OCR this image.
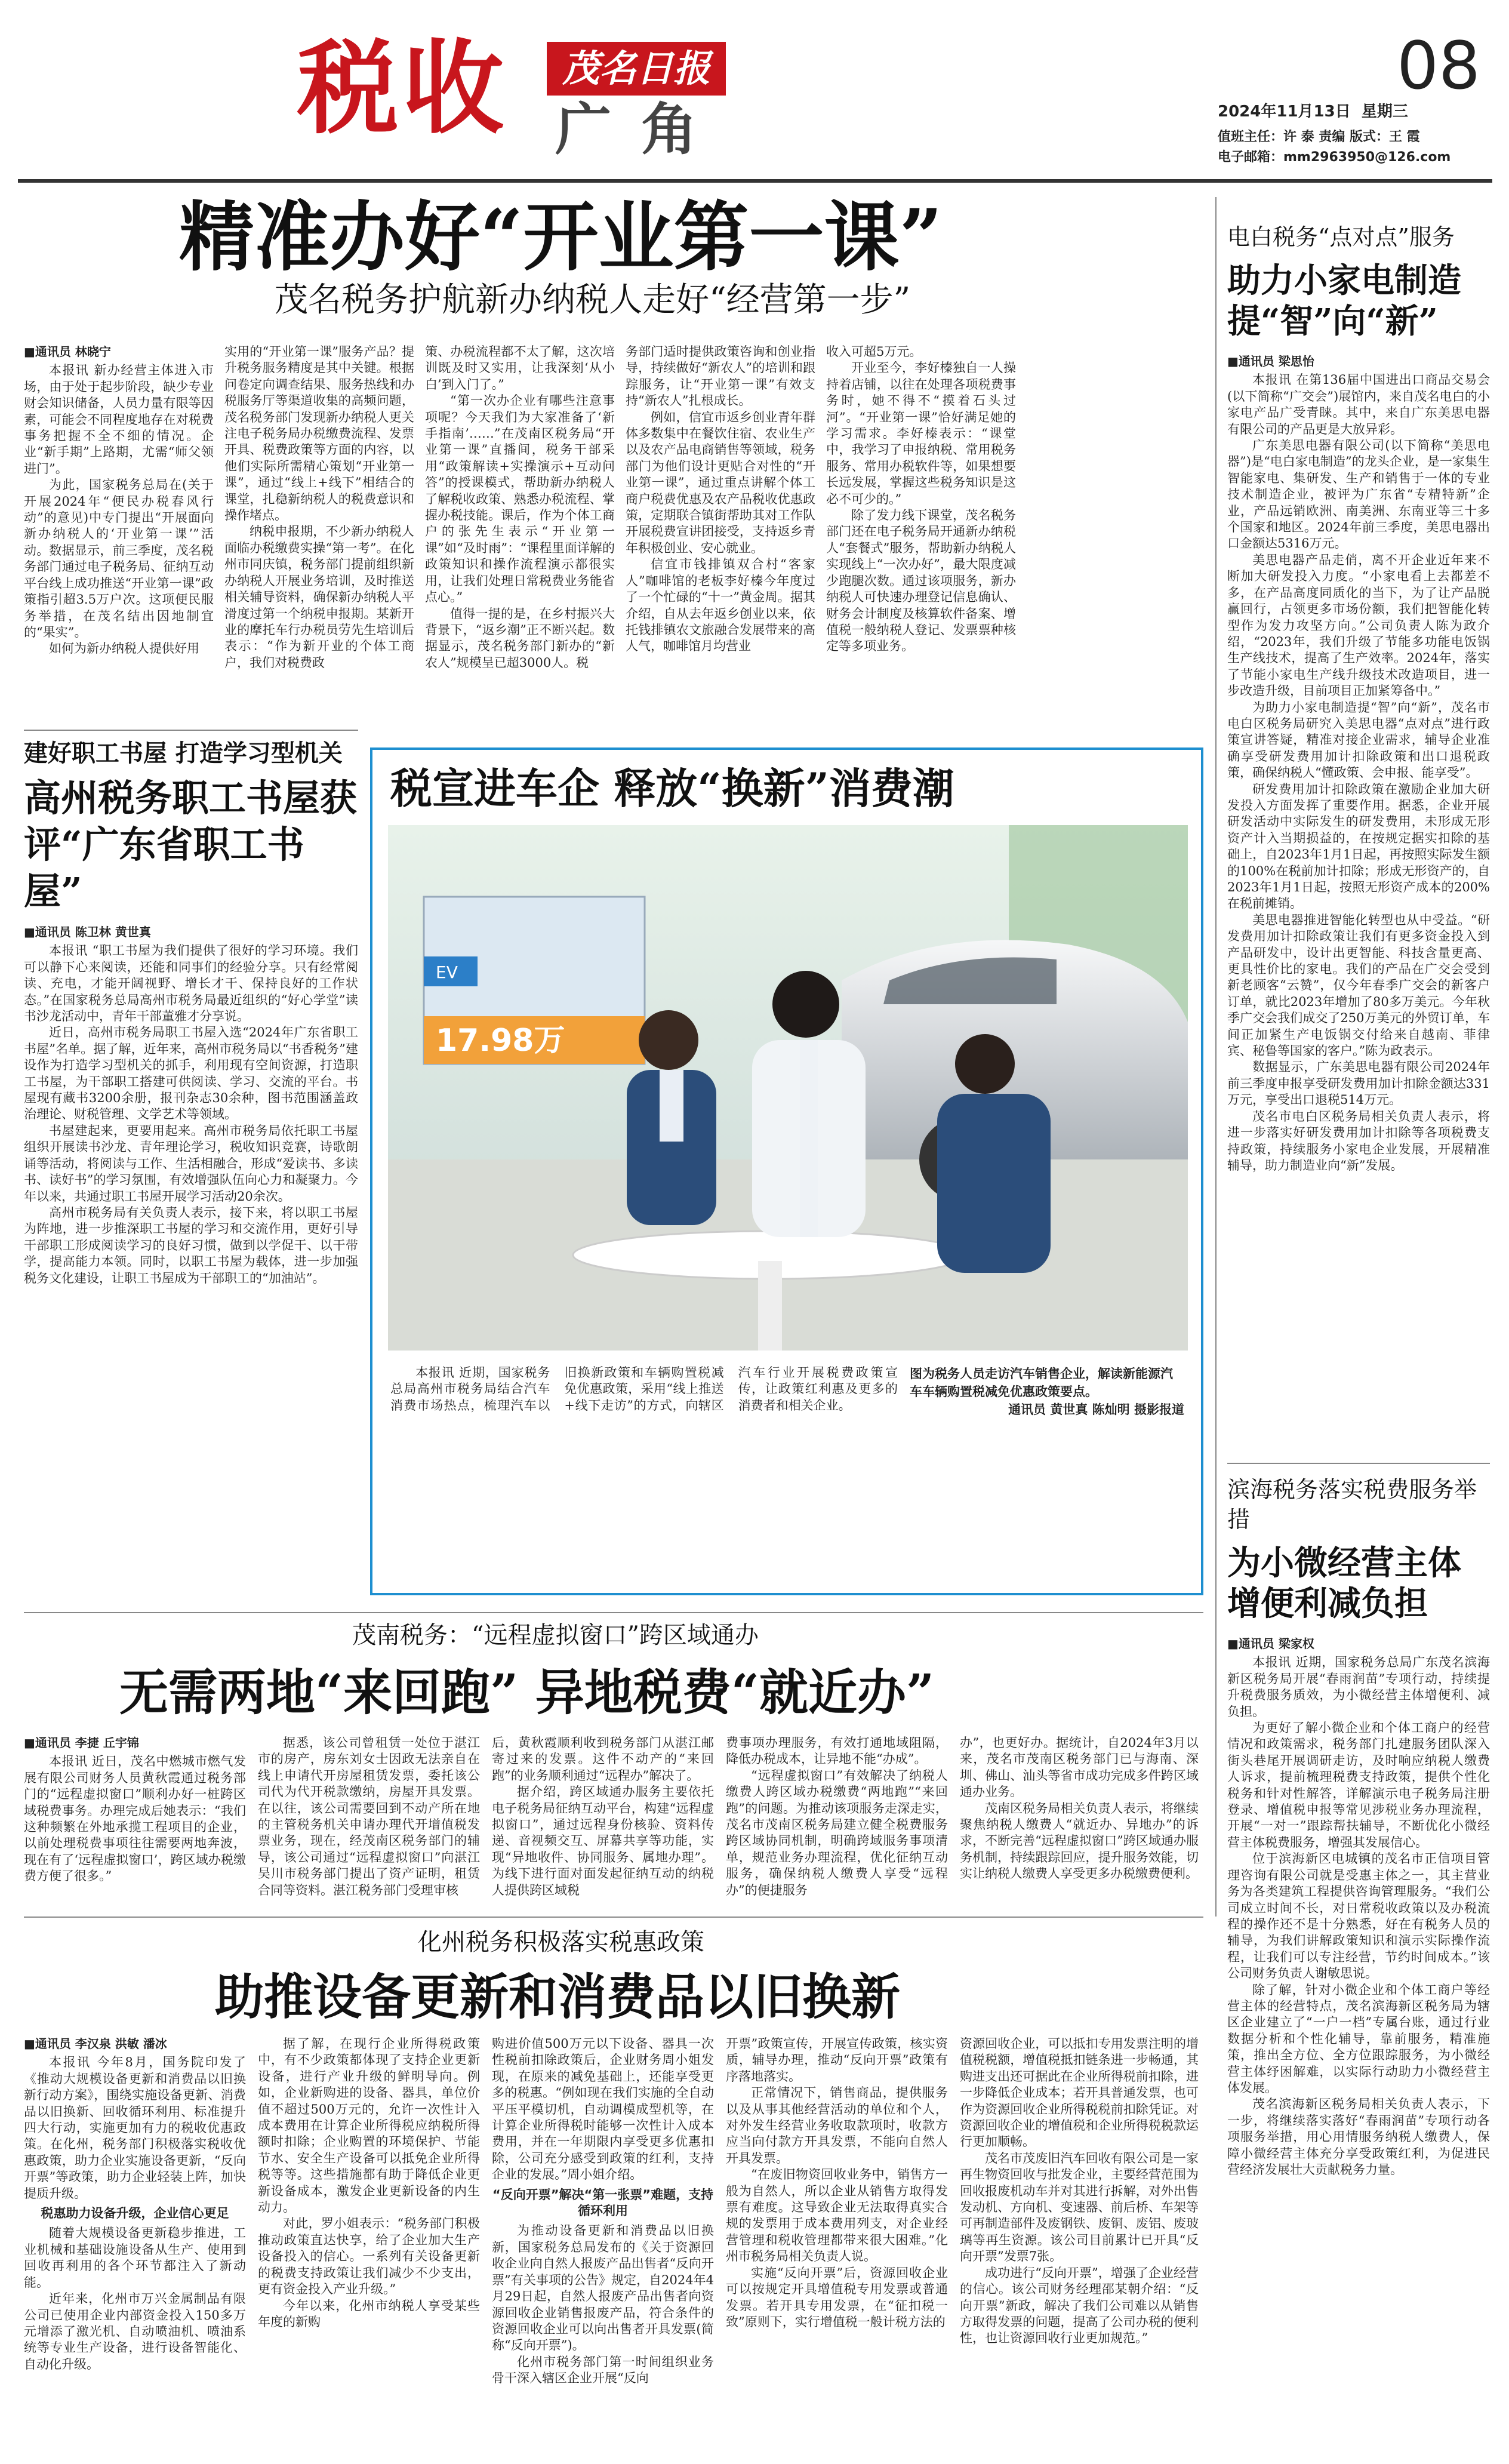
税收	茂名日报
广角
08
2024年11月13日 星期三
值班主任：许 泰 责编 版式：王 霞
电子邮箱：mm2963950@126.com
精准办好“开业第一课”
茂名税务护航新办纳税人走好“经营第一步”
■通讯员 林晓宁

本报讯 新办经营主体进入市场，由于处于起步阶段，缺少专业财会知识储备，人员力量有限等因素，可能会不同程度地存在对税费事务把握不全不细的情况。企业“新手期”上路期，尤需“师父领进门”。

为此，国家税务总局在(关于开展2024年“便民办税春风行动”的意见)中专门提出“开展面向新办纳税人的‘开业第一课’”活动。数据显示，前三季度，茂名税务部门通过电子税务局、征纳互动平台线上成功推送“开业第一课”政策指引超3.5万户次。这项便民服务举措，在茂名结出因地制宜的“果实”。

如何为新办纳税人提供好用

实用的“开业第一课”服务产品？提升税务服务精度是其中关键。根据问卷定向调查结果、服务热线和办税服务厅等渠道收集的高频问题，茂名税务部门发现新办纳税人更关注电子税务局办税缴费流程、发票开具、税费政策等方面的内容，以他们实际所需精心策划“开业第一课”，通过“线上+线下”相结合的课堂，扎稳新纳税人的税费意识和操作堵点。

纳税申报期，不少新办纳税人面临办税缴费实操“第一考”。在化州市同庆镇，税务部门提前组织新办纳税人开展业务培训，及时推送相关辅导资料，确保新办纳税人平滑度过第一个纳税申报期。某新开业的摩托车行办税员劳先生培训后表示：“作为新开业的个体工商户，我们对税费政

策、办税流程都不太了解，这次培训既及时又实用，让我深刻‘从小白’到入门了。”

“第一次办企业有哪些注意事项呢？今天我们为大家准备了‘新手指南’……”在茂南区税务局“开业第一课”直播间，税务干部采用“政策解读+实操演示+互动问答”的授课模式，帮助新办纳税人了解税收政策、熟悉办税流程、掌握办税技能。课后，作为个体工商户的张先生表示“开业第一课”如“及时雨”：“课程里面详解的政策知识和操作流程演示都很实用，让我们处理日常税费业务能省点心。”

值得一提的是，在乡村振兴大背景下，“返乡潮”正不断兴起。数据显示，茂名税务部门新办的“新农人”规模呈已超3000人。税

务部门适时提供政策咨询和创业指导，持续做好“新农人”的培训和跟踪服务，让“开业第一课”有效支持“新农人”扎根成长。

例如，信宜市返乡创业青年群体多数集中在餐饮住宿、农业生产以及农产品电商销售等领域，税务部门为他们设计更贴合对性的“开业第一课”，通过重点讲解个体工商户税费优惠及农产品税收优惠政策，定期联合镇街帮助其对工作队开展税费宣讲团接受，支持返乡青年积极创业、安心就业。

信宜市钱排镇双合村“客家人”咖啡馆的老板李好榛今年度过了一个忙碌的“十一”黄金周。据其介绍，自从去年返乡创业以来，依托钱排镇农文旅融合发展带来的高人气，咖啡馆月均营业

收入可超5万元。

开业至今，李好榛独自一人操持着店铺，以往在处理各项税费事务时，她不得不“摸着石头过河”。“开业第一课”恰好满足她的学习需求。李好榛表示：“课堂中，我学习了申报纳税、常用税务服务、常用办税软件等，如果想要长远发展，掌握这些税务知识是这必不可少的。”

除了发力线下课堂，茂名税务部门还在电子税务局开通新办纳税人“套餐式”服务，帮助新办纳税人实现线上“一次办好”，最大限度减少跑腿次数。通过该项服务，新办纳税人可快速办理登记信息确认、财务会计制度及核算软件备案、增值税一般纳税人登记、发票票种核定等多项业务。

电白税务“点对点”服务
助力小家电制造提“智”向“新”
■通讯员 梁思怡

本报讯 在第136届中国进出口商品交易会(以下简称“广交会”)展馆内，来自茂名电白的小家电产品广受青睐。其中，来自广东美思电器有限公司的产品更是大放异彩。

广东美思电器有限公司(以下简称“美思电器”)是“电白家电制造”的龙头企业，是一家集生智能家电、集研发、生产和销售于一体的专业技术制造企业，被评为广东省“专精特新”企业，产品远销欧洲、南美洲、东南亚等三十多个国家和地区。2024年前三季度，美思电器出口金额达5316万元。

美思电器产品走俏，离不开企业近年来不断加大研发投入力度。“小家电看上去都差不多，在产品高度同质化的当下，为了让产品脱赢回行，占领更多市场份额，我们把智能化转型作为发力攻坚方向。”公司负责人陈为政介绍，“2023年，我们升级了节能多功能电饭锅生产线技术，提高了生产效率。2024年，落实了节能小家电生产线升级技术改造项目，进一步改造升级，目前项目正加紧筹备中。”

为助力小家电制造提“智”向“新”，茂名市电白区税务局研究入美思电器“点对点”进行政策宣讲答疑，精准对接企业需求，辅导企业准确享受研发费用加计扣除政策和出口退税政策，确保纳税人“懂政策、会申报、能享受”。

研发费用加计扣除政策在激励企业加大研发投入方面发挥了重要作用。据悉，企业开展研发活动中实际发生的研发费用，未形成无形资产计入当期损益的，在按规定据实扣除的基础上，自2023年1月1日起，再按照实际发生额的100%在税前加计扣除；形成无形资产的，自2023年1月1日起，按照无形资产成本的200%在税前摊销。

美思电器推进智能化转型也从中受益。“研发费用加计扣除政策让我们有更多资金投入到产品研发中，设计出更智能、科技含量更高、更具性价比的家电。我们的产品在广交会受到新老顾客“云赞”，仅今年春季广交会的新客户订单，就比2023年增加了80多万美元。今年秋季广交会我们成交了250万美元的外贸订单，车间正加紧生产电饭锅交付给来自越南、菲律宾、秘鲁等国家的客户。”陈为政表示。

数据显示，广东美思电器有限公司2024年前三季度申报享受研发费用加计扣除金额达331万元，享受出口退税514万元。

茂名市电白区税务局相关负责人表示，将进一步落实好研发费用加计扣除等各项税费支持政策，持续服务小家电企业发展，开展精准辅导，助力制造业向“新”发展。

滨海税务落实税费服务举措
为小微经营主体增便利减负担
■通讯员 梁家权

本报讯 近期，国家税务总局广东茂名滨海新区税务局开展“春雨润苗”专项行动，持续提升税费服务质效，为小微经营主体增便利、减负担。

为更好了解小微企业和个体工商户的经营情况和政策需求，税务部门扎建服务团队深入街头巷尾开展调研走访，及时响应纳税人缴费人诉求，提前梳理税费支持政策，提供个性化税务和针对性解答，详解演示电子税务局注册登录、增值税申报等常见涉税业务办理流程，开展“一对一”跟踪帮扶辅导，不断优化小微经营主体税费服务，增强其发展信心。

位于滨海新区电城镇的茂名市正信项目管理咨询有限公司就是受惠主体之一，其主营业务为各类建筑工程提供咨询管理服务。“我们公司成立时间不长，对日常税收政策以及办税流程的操作还不是十分熟悉，好在有税务人员的辅导，为我们讲解政策知识和演示实际操作流程，让我们可以专注经营，节约时间成本。”该公司财务负责人谢敏思说。

除了解，针对小微企业和个体工商户等经营主体的经营特点，茂名滨海新区税务局为辖区企业建立了“一户一档”专属台账，通过行业数据分析和个性化辅导，靠前服务，精准施策，推出全方位、全方位跟踪服务，为小微经营主体纾困解难，以实际行动助力小微经营主体发展。

茂名滨海新区税务局相关负责人表示，下一步，将继续落实落好“春雨润苗”专项行动各项服务举措，用心用情服务纳税人缴费人，保障小微经营主体充分享受政策红利，为促进民营经济发展壮大贡献税务力量。

建好职工书屋 打造学习型机关
高州税务职工书屋获评“广东省职工书屋”
■通讯员 陈卫林 黄世真

本报讯 “职工书屋为我们提供了很好的学习环境。我们可以静下心来阅读，还能和同事们的经验分享。只有经常阅读、充电，才能开阔视野、增长才干、保持良好的工作状态。”在国家税务总局高州市税务局最近组织的“好心学堂”读书沙龙活动中，青年干部董雅才分享说。

近日，高州市税务局职工书屋入选“2024年广东省职工书屋”名单。据了解，近年来，高州市税务局以“书香税务”建设作为打造学习型机关的抓手，利用现有空间资源，打造职工书屋，为干部职工搭建可供阅读、学习、交流的平台。书屋现有藏书3200余册，报刊杂志30余种，图书范围涵盖政治理论、财税管理、文学艺术等领域。

书屋建起来，更要用起来。高州市税务局依托职工书屋组织开展读书沙龙、青年理论学习，税收知识竞赛，诗歌朗诵等活动，将阅读与工作、生活相融合，形成“爱读书、多读书、读好书”的学习氛围，有效增强队伍向心力和凝聚力。今年以来，共通过职工书屋开展学习活动20余次。

高州市税务局有关负责人表示，接下来，将以职工书屋为阵地，进一步推深职工书屋的学习和交流作用，更好引导干部职工形成阅读学习的良好习惯，做到以学促干、以干带学，提高能力本领。同时，以职工书屋为载体，进一步加强税务文化建设，让职工书屋成为干部职工的“加油站”。

税宣进车企 释放“换新”消费潮
17.98万
EV

本报讯 近期，国家税务总局高州市税务局结合汽车消费市场热点，梳理汽车以旧换新政策和车辆购置税减免优惠政策，采用“线上推送+线下走访”的方式，向辖区汽车行业开展税费政策宣传，让政策红利惠及更多的消费者和相关企业。

图为税务人员走访汽车销售企业，解读新能源汽车车辆购置税减免优惠政策要点。
通讯员 黄世真 陈灿明 摄影报道
茂南税务：“远程虚拟窗口”跨区域通办
无需两地“来回跑” 异地税费“就近办”
■通讯员 李捷 丘宇锦

本报讯 近日，茂名中燃城市燃气发展有限公司财务人员黄秋霞通过税务部门的“远程虚拟窗口”顺利办好一桩跨区域税费事务。办理完成后她表示：“我们这种频繁在外地承揽工程项目的企业，以前处理税费事项往往需要两地奔波，现在有了‘远程虚拟窗口’，跨区域办税缴费方便了很多。”

据悉，该公司曾租赁一处位于湛江市的房产，房东刘女士因政无法亲自在线上申请代开房屋租赁发票，委托该公司代为代开税款缴纳，房屋开具发票。在以往，该公司需要回到不动产所在地的主管税务机关申请办理代开增值税发票业务，现在，经茂南区税务部门的辅导，该公司通过“远程虚拟窗口”向湛江吴川市税务部门提出了资产证明，租赁合同等资料。湛江税务部门受理审核

后，黄秋霞顺利收到税务部门从湛江邮寄过来的发票。这件不动产的“来回跑”的业务顺利通过“远程办”解决了。

据介绍，跨区域通办服务主要依托电子税务局征纳互动平台，构建“远程虚拟窗口”，通过远程身份核验、资料传递、音视频交互、屏幕共享等功能，实现“异地收件、协同服务、属地办理”。为线下进行面对面发起征纳互动的纳税人提供跨区域税

费事项办理服务，有效打通地域阻隔，降低办税成本，让异地不能“办成”。

“远程虚拟窗口”有效解决了纳税人缴费人跨区域办税缴费“两地跑”“来回跑”的问题。为推动该项服务走深走实，茂名市茂南区税务局建立健全税费服务跨区域协同机制，明确跨域服务事项清单，规范业务办理流程，优化征纳互动服务，确保纳税人缴费人享受“远程办”的便捷服务

办”，也更好办。据统计，自2024年3月以来，茂名市茂南区税务部门已与海南、深圳、佛山、汕头等省市成功完成多件跨区域通办业务。

茂南区税务局相关负责人表示，将继续聚焦纳税人缴费人“就近办、异地办”的诉求，不断完善“远程虚拟窗口”跨区域通办服务机制，持续跟踪回应，提升服务效能，切实让纳税人缴费人享受更多办税缴费便利。

化州税务积极落实税惠政策
助推设备更新和消费品以旧换新
■通讯员 李汉泉 洪敏 潘冰

本报讯 今年8月，国务院印发了《推动大规模设备更新和消费品以旧换新行动方案》，围绕实施设备更新、消费品以旧换新、回收循环利用、标准提升四大行动，实施更加有力的税收优惠政策。在化州，税务部门积极落实税收优惠政策，助力企业实施设备更新，“反向开票”等政策，助力企业轻装上阵，加快提质升级。

税惠助力设备升级，企业信心更足

随着大规模设备更新稳步推进，工业机械和基础设施设备从生产、使用到回收再利用的各个环节都注入了新动能。

近年来，化州市万兴金属制品有限公司已使用企业内部资金投入150多万元增添了激光机、自动喷油机、喷油系统等专业生产设备，进行设备智能化、自动化升级。

据了解，在现行企业所得税政策中，有不少政策都体现了支持企业更新设备，进行产业升级的鲜明导向。例如，企业新购进的设备、器具，单位价值不超过500万元的，允许一次性计入成本费用在计算企业所得税应纳税所得额时扣除；企业购置的环境保护、节能节水、安全生产设备可以抵免企业所得税等等。这些措施都有助于降低企业更新设备成本，激发企业更新设备的内生动力。

对此，罗小姐表示：“税务部门积极推动政策直达快享，给了企业加大生产设备投入的信心。一系列有关设备更新的税费支持政策让我们减少不少支出，更有资金投入产业升级。”

今年以来，化州市纳税人享受某些年度的新购

购进价值500万元以下设备、器具一次性税前扣除政策后，企业财务周小姐发现，在原来的减免基础上，还能享受更多的税惠。“例如现在我们实施的全自动平压平模切机，自动调模成型机等，在计算企业所得税时能够一次性计入成本费用，并在一年期限内享受更多优惠扣除，公司充分感受到政策的红利，支持企业的发展。”周小姐介绍。

“反向开票”解决“第一张票”难题，支持循环利用

为推动设备更新和消费品以旧换新，国家税务总局发布的《关于资源回收企业向自然人报废产品出售者“反向开票”有关事项的公告》规定，自2024年4月29日起，自然人报废产品出售者向资源回收企业销售报废产品，符合条件的资源回收企业可以向出售者开具发票(简称“反向开票”)。

化州市税务部门第一时间组织业务骨干深入辖区企业开展“反向

开票”政策宣传，开展宣传政策，核实资质，辅导办理，推动“反向开票”政策有序落地落实。

正常情况下，销售商品，提供服务以及从事其他经营活动的单位和个人，对外发生经营业务收取款项时，收款方应当向付款方开具发票，不能向自然人开具发票。

“在废旧物资回收业务中，销售方一般为自然人，所以企业从销售方取得发票有难度。这导致企业无法取得真实合规的发票用于成本费用列支，对企业经营管理和税收管理都带来很大困难。”化州市税务局相关负责人说。

实施“反向开票”后，资源回收企业可以按规定开具增值税专用发票或普通发票。若开具专用发票，在“征扣税一致”原则下，实行增值税一般计税方法的

资源回收企业，可以抵扣专用发票注明的增值税税额，增值税抵扣链条进一步畅通，其购进支出还可据此在企业所得税前扣除，进一步降低企业成本；若开具普通发票，也可作为资源回收企业所得税税前扣除凭证。对资源回收企业的增值税和企业所得税税款运行更加顺畅。

茂名市茂废旧汽车回收有限公司是一家再生物资回收与批发企业，主要经营范围为回收报废机动车并对其进行拆解，对外出售发动机、方向机、变速器、前后桥、车架等可再制造部件及废钢铁、废铜、废铝、废玻璃等再生资源。该公司目前累计已开具“反向开票”发票7张。

成功进行“反向开票”，增强了企业经营的信心。该公司财务经理邵某朝介绍：“反向开票”新政，解决了我们公司难以从销售方取得发票的问题，提高了公司办税的便利性，也让资源回收行业更加规范。”
